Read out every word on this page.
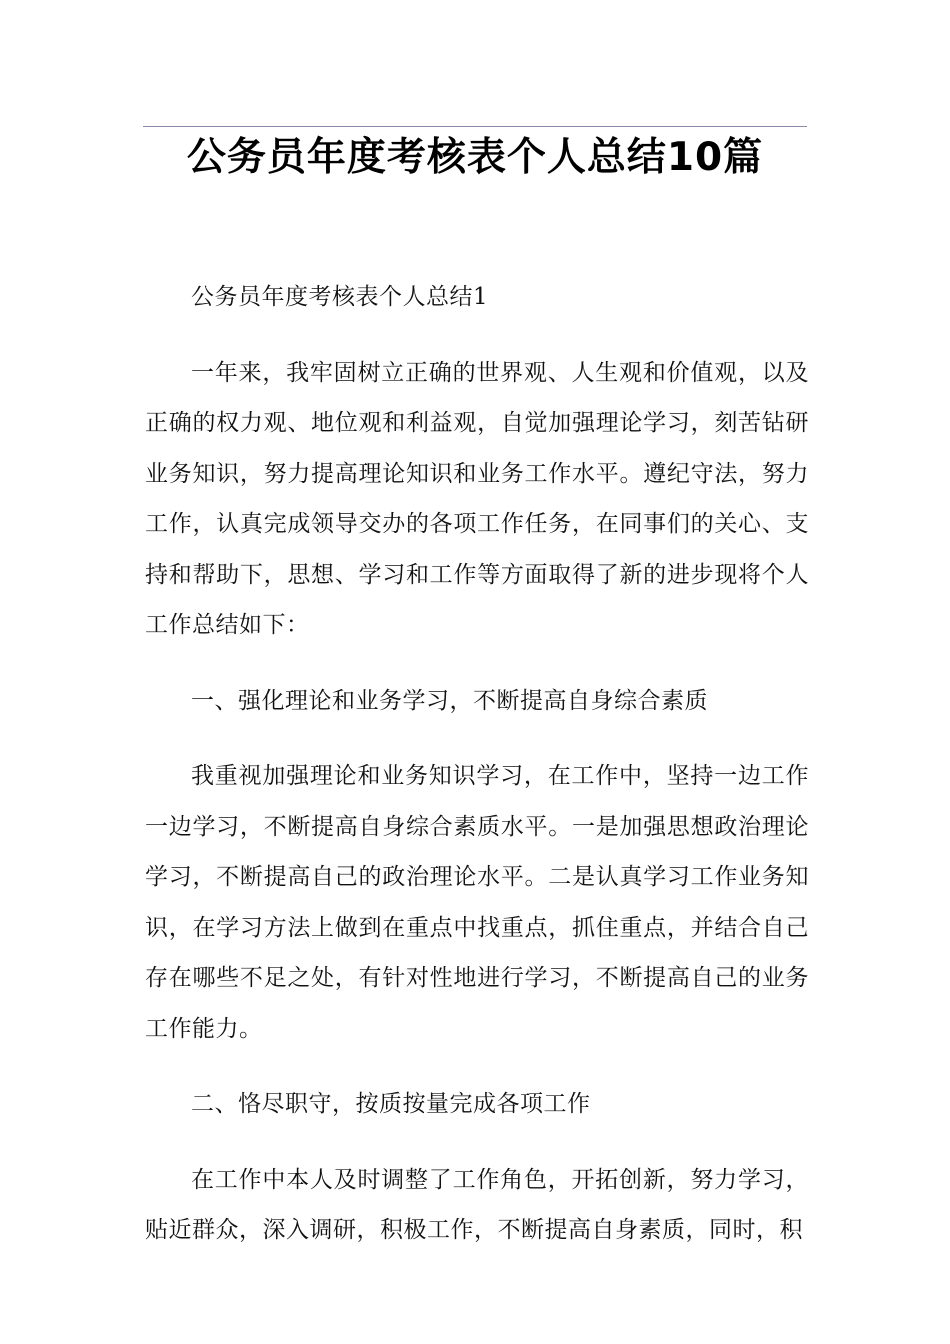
公务员年度考核表个人总结10篇

公务员年度考核表个人总结1

一年来，我牢固树立正确的世界观、人生观和价值观，以及正确的权力观、地位观和利益观，自觉加强理论学习，刻苦钻研业务知识，努力提高理论知识和业务工作水平。遵纪守法，努力工作，认真完成领导交办的各项工作任务，在同事们的关心、支持和帮助下，思想、学习和工作等方面取得了新的进步现将个人工作总结如下：

一、强化理论和业务学习，不断提高自身综合素质

我重视加强理论和业务知识学习，在工作中，坚持一边工作一边学习，不断提高自身综合素质水平。一是加强思想政治理论学习，不断提高自己的政治理论水平。二是认真学习工作业务知识，在学习方法上做到在重点中找重点，抓住重点，并结合自己存在哪些不足之处，有针对性地进行学习，不断提高自己的业务工作能力。

二、恪尽职守，按质按量完成各项工作

在工作中本人及时调整了工作角色，开拓创新，努力学习，贴近群众，深入调研，积极工作，不断提高自身素质，同时，积
